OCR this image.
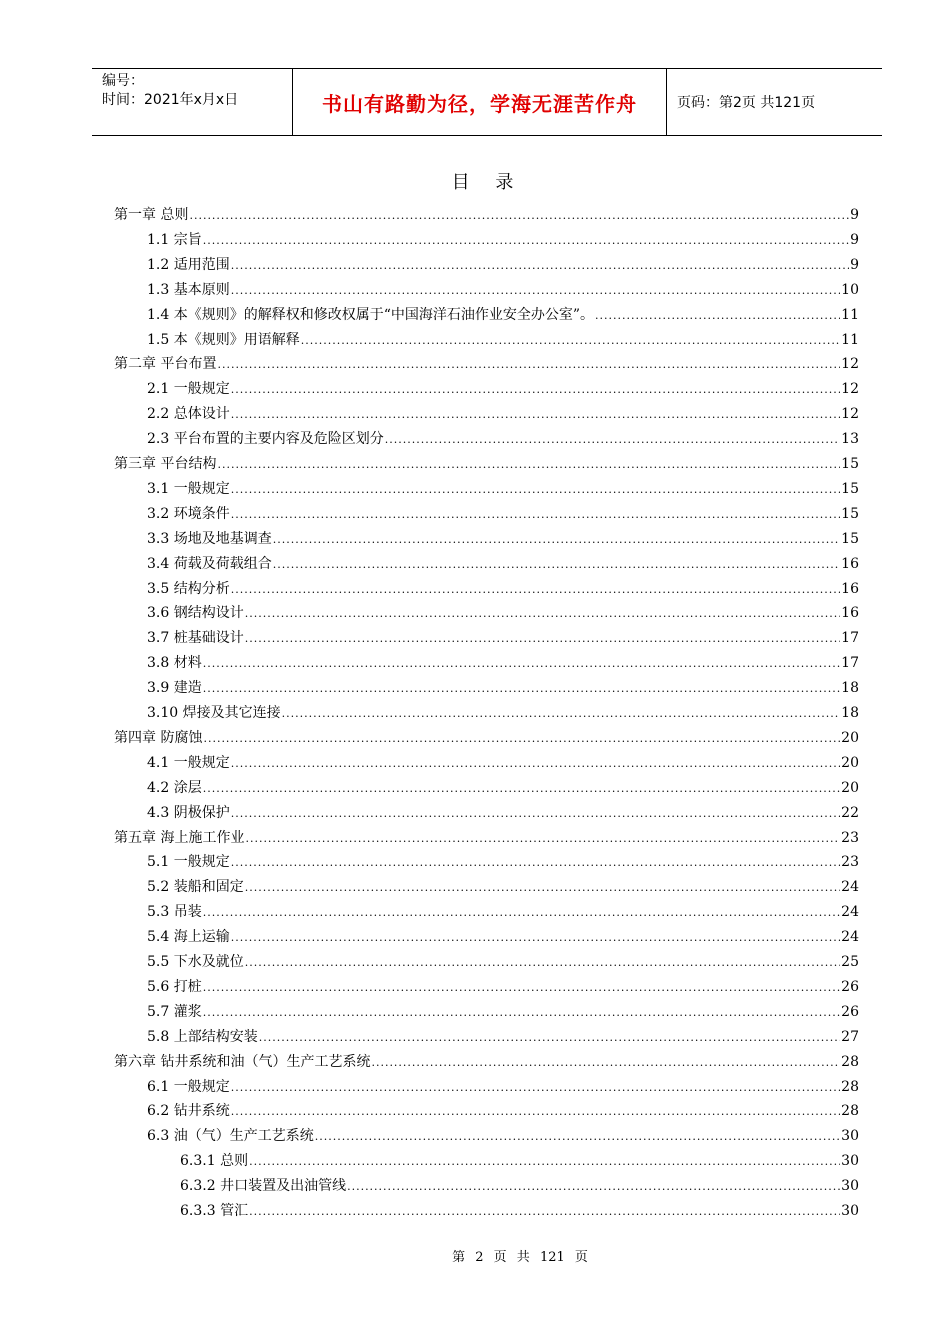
编号：
时间：2021年x月x日	书山有路勤为径，学海无涯苦作舟	页码：第2页 共121页
目 录
第一章 总则 .....	9
1.1 宗旨 .....	9
1.2 适用范围 .....	9
1.3 基本原则 .....	10
1.4 本《规则》的解释权和修改权属于“中国海洋石油作业安全办公室”。 .....	11
1.5 本《规则》用语解释 .....	11
第二章 平台布置 .....	12
2.1 一般规定 .....	12
2.2 总体设计 .....	12
2.3 平台布置的主要内容及危险区划分 .....	13
第三章 平台结构 .....	15
3.1 一般规定 .....	15
3.2 环境条件 .....	15
3.3 场地及地基调查 .....	15
3.4 荷载及荷载组合 .....	16
3.5 结构分析 .....	16
3.6 钢结构设计 .....	16
3.7 桩基础设计 .....	17
3.8 材料 .....	17
3.9 建造 .....	18
3.10 焊接及其它连接 .....	18
第四章 防腐蚀 .....	20
4.1 一般规定 .....	20
4.2 涂层 .....	20
4.3 阴极保护 .....	22
第五章 海上施工作业 .....	23
5.1 一般规定 .....	23
5.2 装船和固定 .....	24
5.3 吊装 .....	24
5.4 海上运输 .....	24
5.5 下水及就位 .....	25
5.6 打桩 .....	26
5.7 灌浆 .....	26
5.8 上部结构安装 .....	27
第六章 钻井系统和油（气）生产工艺系统 .....	28
6.1 一般规定 .....	28
6.2 钻井系统 .....	28
6.3 油（气）生产工艺系统 .....	30
6.3.1 总则 .....	30
6.3.2 井口装置及出油管线 .....	30
6.3.3 管汇 .....	30
第 2 页 共 121 页
